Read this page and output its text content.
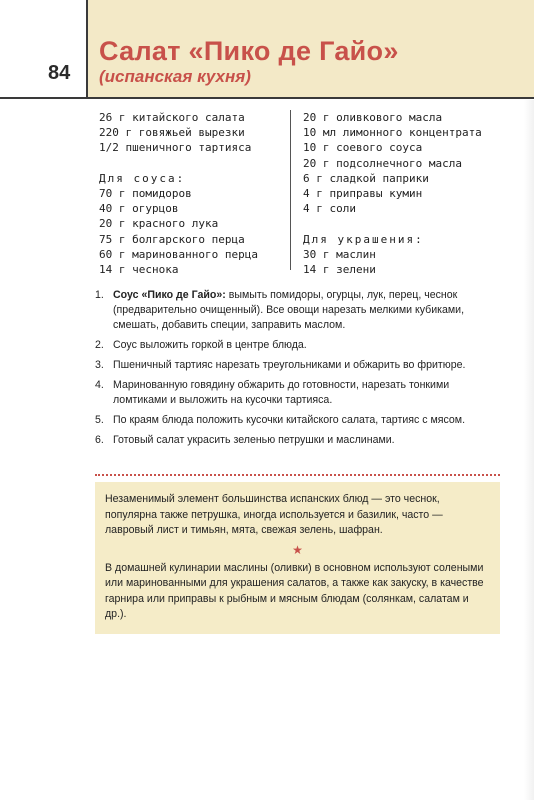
84
Салат «Пико де Гайо»
(испанская кухня)
26 г китайского салата
220 г говяжьей вырезки
1/2 пшеничного тартияса
Для соуса:
70 г помидоров
40 г огурцов
20 г красного лука
75 г болгарского перца
60 г маринованного перца
14 г чеснока
20 г оливкового масла
10 мл лимонного концентрата
10 г соевого соуса
20 г подсолнечного масла
6 г сладкой паприки
4 г приправы кумин
4 г соли
Для украшения:
30 г маслин
14 г зелени
1. Соус «Пико де Гайо»: вымыть помидоры, огурцы, лук, перец, чеснок (предварительно очищенный). Все овощи нарезать мелкими кубиками, смешать, добавить специи, заправить маслом.
2. Соус выложить горкой в центре блюда.
3. Пшеничный тартияс нарезать треугольниками и обжарить во фритюре.
4. Маринованную говядину обжарить до готовности, нарезать тонкими ломтиками и выложить на кусочки тартияса.
5. По краям блюда положить кусочки китайского салата, тартияс с мясом.
6. Готовый салат украсить зеленью петрушки и маслинами.
Незаменимый элемент большинства испанских блюд — это чеснок, популярна также петрушка, иногда используется и базилик, часто — лавровый лист и тимьян, мята, свежая зелень, шафран.
★
В домашней кулинарии маслины (оливки) в основном используют солеными или маринованными для украшения салатов, а также как закуску, в качестве гарнира или приправы к рыбным и мясным блюдам (солянкам, салатам и др.).
